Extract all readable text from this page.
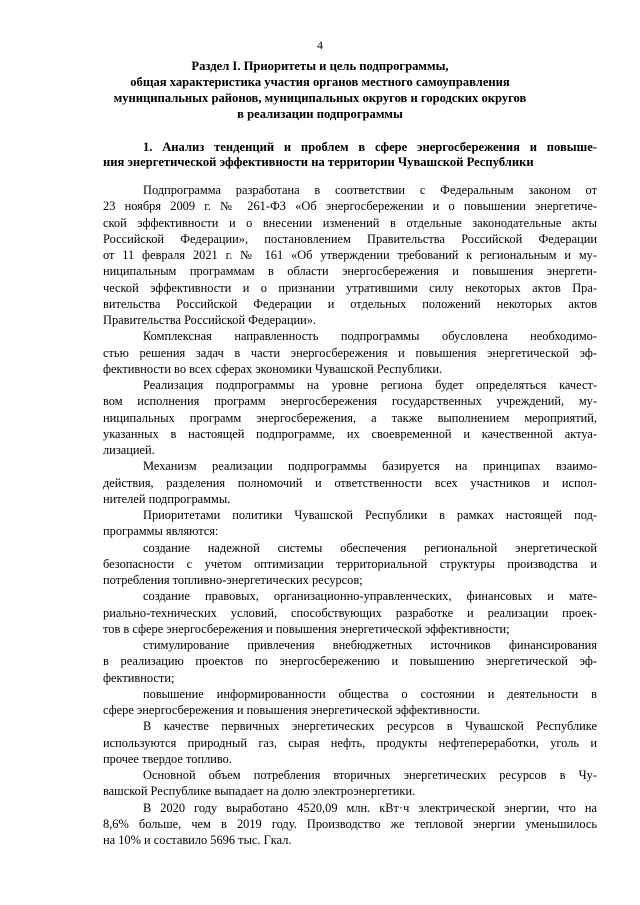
4
Раздел I. Приоритеты и цель подпрограммы,
общая характеристика участия органов местного самоуправления
муниципальных районов, муниципальных округов и городских округов
в реализации подпрограммы
1. Анализ тенденций и проблем в сфере энергосбережения и повыше-
ния энергетической эффективности на территории Чувашской Республики
Подпрограмма разработана в соответствии с Федеральным законом от
23 ноября 2009 г. № 261-ФЗ «Об энергосбережении и о повышении энергетиче-
ской эффективности и о внесении изменений в отдельные законодательные акты
Российской Федерации», постановлением Правительства Российской Федерации
от 11 февраля 2021 г. № 161 «Об утверждении требований к региональным и му-
ниципальным программам в области энергосбережения и повышения энергети-
ческой эффективности и о признании утратившими силу некоторых актов Пра-
вительства Российской Федерации и отдельных положений некоторых актов
Правительства Российской Федерации».
Комплексная направленность подпрограммы обусловлена необходимо-
стью решения задач в части энергосбережения и повышения энергетической эф-
фективности во всех сферах экономики Чувашской Республики.
Реализация подпрограммы на уровне региона будет определяться качест-
вом исполнения программ энергосбережения государственных учреждений, му-
ниципальных программ энергосбережения, а также выполнением мероприятий,
указанных в настоящей подпрограмме, их своевременной и качественной актуа-
лизацией.
Механизм реализации подпрограммы базируется на принципах взаимо-
действия, разделения полномочий и ответственности всех участников и испол-
нителей подпрограммы.
Приоритетами политики Чувашской Республики в рамках настоящей под-
программы являются:
создание надежной системы обеспечения региональной энергетической
безопасности с учетом оптимизации территориальной структуры производства и
потребления топливно-энергетических ресурсов;
создание правовых, организационно-управленческих, финансовых и мате-
риально-технических условий, способствующих разработке и реализации проек-
тов в сфере энергосбережения и повышения энергетической эффективности;
стимулирование привлечения внебюджетных источников финансирования
в реализацию проектов по энергосбережению и повышению энергетической эф-
фективности;
повышение информированности общества о состоянии и деятельности в
сфере энергосбережения и повышения энергетической эффективности.
В качестве первичных энергетических ресурсов в Чувашской Республике
используются природный газ, сырая нефть, продукты нефтепереработки, уголь и
прочее твердое топливо.
Основной объем потребления вторичных энергетических ресурсов в Чу-
вашской Республике выпадает на долю электроэнергетики.
В 2020 году выработано 4520,09 млн. кВт·ч электрической энергии, что на
8,6% больше, чем в 2019 году. Производство же тепловой энергии уменьшилось
на 10% и составило 5696 тыс. Гкал.
